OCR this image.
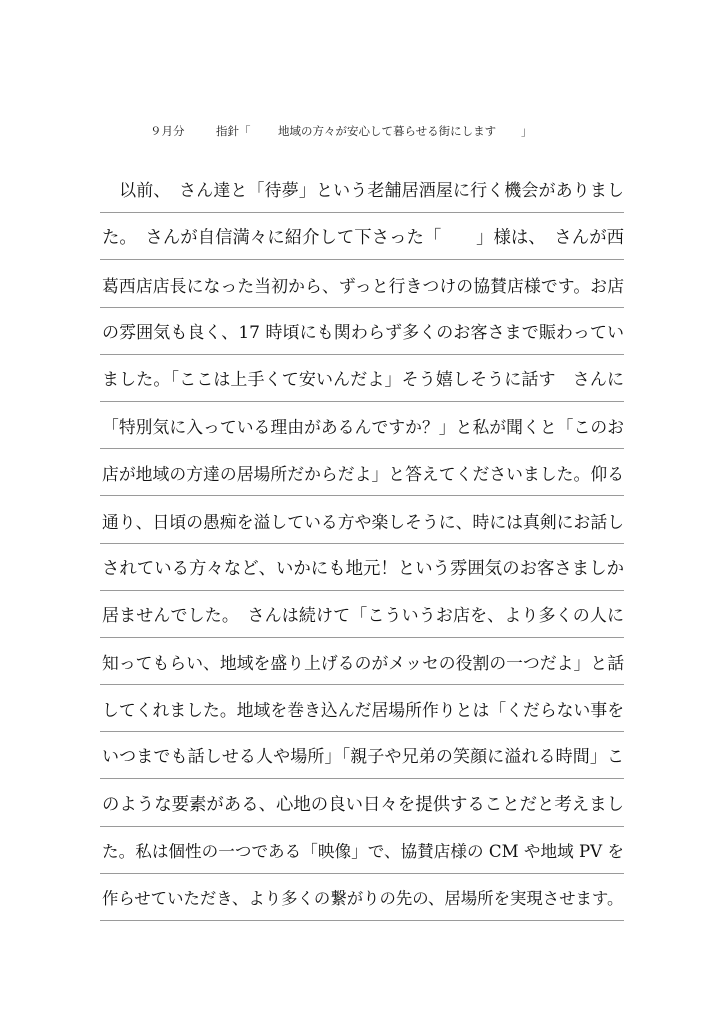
９月分

	指針「

地域の方々が安心して暮らせる街にします

」

　以前、　さん達と「待夢」という老舗居酒屋に行く機会がありまし
た。　さんが自信満々に紹介して下さった「　　」様は、　さんが西
葛西店店長になった当初から、ずっと行きつけの協賛店様です。お店
の雰囲気も良く、17 時頃にも関わらず多くのお客さまで賑わってい
ました。「ここは上手くて安いんだよ」そう嬉しそうに話す　さんに
「特別気に入っている理由があるんですか？」と私が聞くと「このお
店が地域の方達の居場所だからだよ」と答えてくださいました。仰る
通り、日頃の愚痴を溢している方や楽しそうに、時には真剣にお話し
されている方々など、いかにも地元！という雰囲気のお客さましか
居ませんでした。　さんは続けて「こういうお店を、より多くの人に
知ってもらい、地域を盛り上げるのがメッセの役割の一つだよ」と話
してくれました。地域を巻き込んだ居場所作りとは「くだらない事を
いつまでも話しせる人や場所」「親子や兄弟の笑顔に溢れる時間」こ
のような要素がある、心地の良い日々を提供することだと考えまし
た。私は個性の一つである「映像」で、協賛店様の CM や地域 PV を
作らせていただき、より多くの繋がりの先の、居場所を実現させます。
